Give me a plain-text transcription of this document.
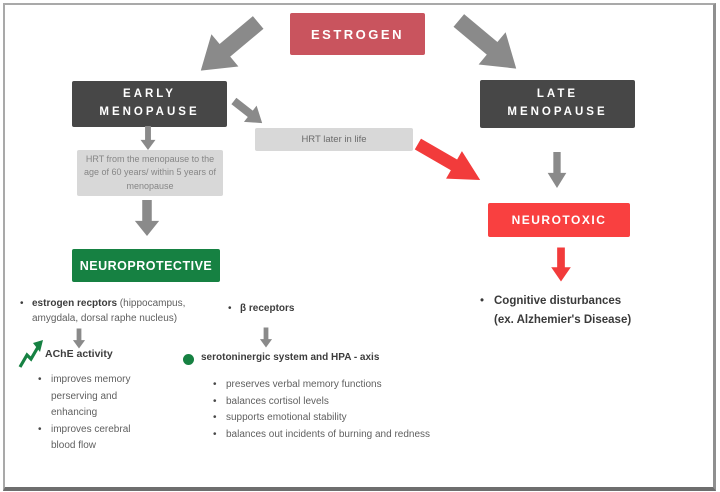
ESTROGEN
EARLY MENOPAUSE
LATE MENOPAUSE
HRT later in life
HRT from the menopause to the age of 60 years/ within 5 years of menopause
NEUROPROTECTIVE
NEUROTOXIC
• estrogen recptors (hippocampus, amygdala, dorsal raphe nucleus)
AChE activity
• improves memory perserving and enhancing
• improves cerebral blood flow
• β receptors
serotoninergic system and HPA - axis
• preserves verbal memory functions
• balances cortisol levels
• supports emotional stability
• balances out incidents of burning and redness
• Cognitive disturbances
(ex. Alzhemier's Disease)
